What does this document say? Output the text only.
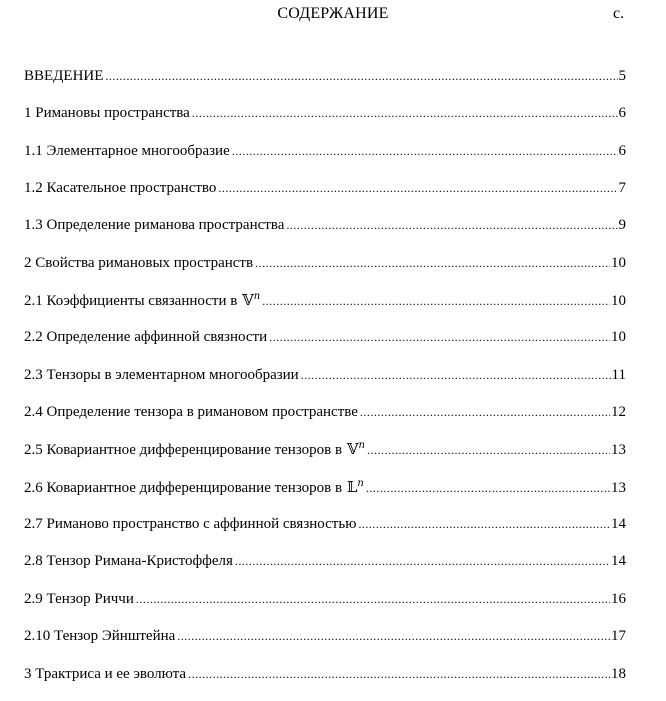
СОДЕРЖАНИЕ	с.
ВВЕДЕНИЕ .....	5
1 Римановы пространства .....	6
1.1 Элементарное многообразие .....	6
1.2 Касательное пространство .....	7
1.3 Определение риманова пространства .....	9
2 Свойства римановых пространств .....	10
2.1 Коэффициенты связанности в 𝕍$^n$ .....	10
2.2 Определение аффинной связности .....	10
2.3 Тензоры в элементарном многообразии .....	11
2.4 Определение тензора в римановом пространстве .....	12
2.5 Ковариантное дифференцирование тензоров в 𝕍$^n$ .....	13
2.6 Ковариантное дифференцирование тензоров в 𝕃$^n$ .....	13
2.7 Риманово пространство с аффинной связностью .....	14
2.8 Тензор Римана-Кристоффеля .....	14
2.9 Тензор Риччи .....	16
2.10 Тензор Эйнштейна .....	17
3 Трактриса и ее эволюта .....	18
